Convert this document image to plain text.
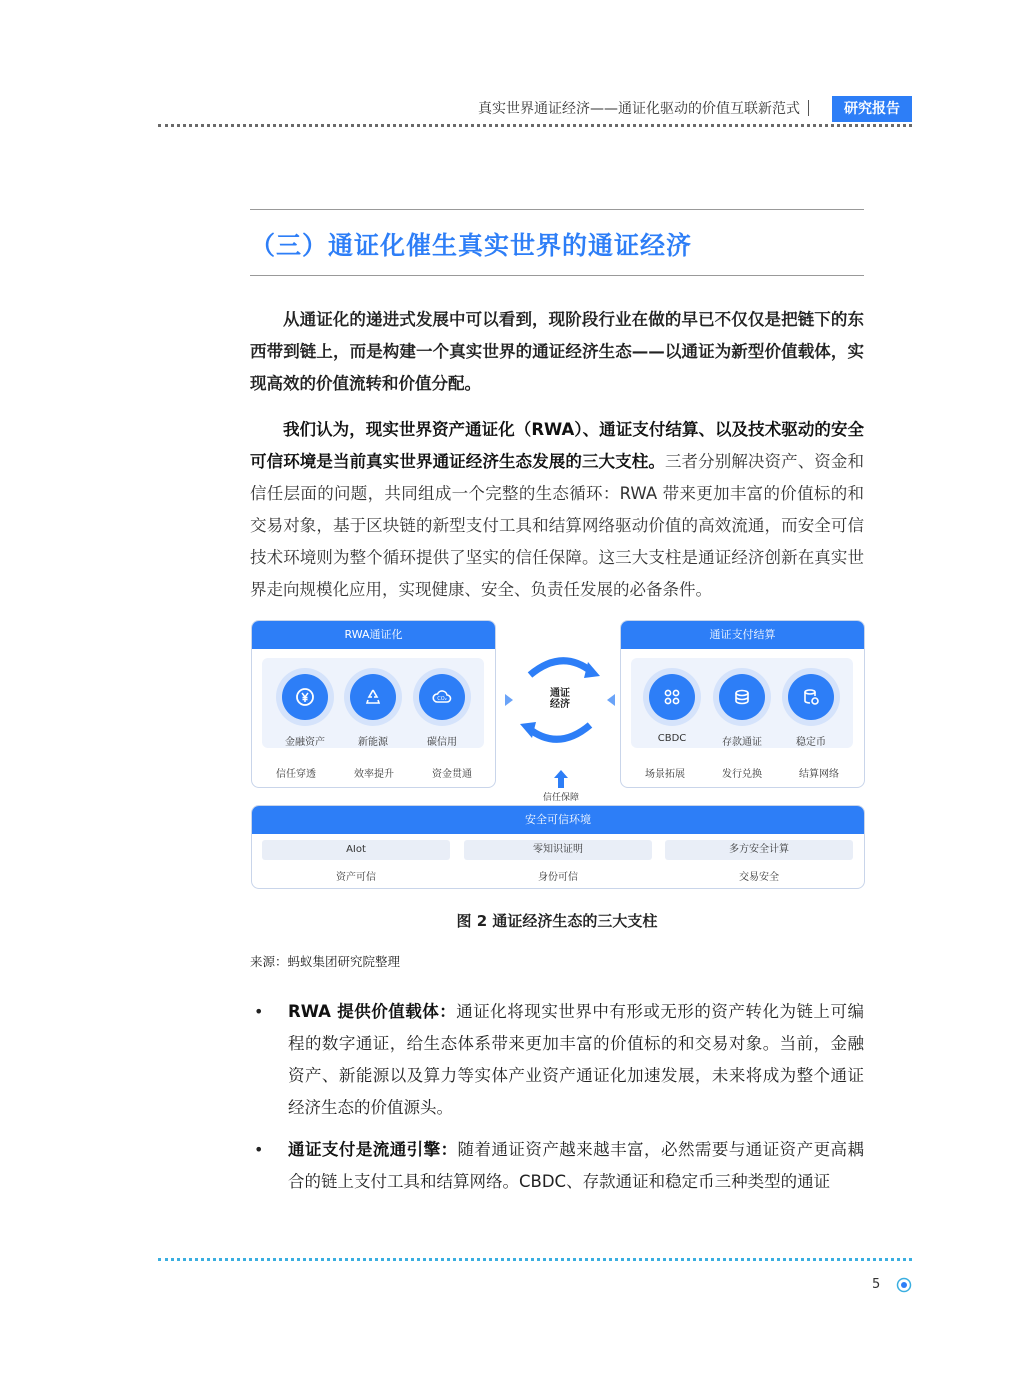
真实世界通证经济——通证化驱动的价值互联新范式	研究报告
（三）通证化催生真实世界的通证经济

从通证化的递进式发展中可以看到，现阶段行业在做的早已不仅仅是把链下的东西带到链上，而是构建一个真实世界的通证经济生态——以通证为新型价值载体，实现高效的价值流转和价值分配。

我们认为，现实世界资产通证化（RWA）、通证支付结算、以及技术驱动的安全可信环境是当前真实世界通证经济生态发展的三大支柱。三者分别解决资产、资金和信任层面的问题，共同组成一个完整的生态循环：RWA 带来更加丰富的价值标的和交易对象，基于区块链的新型支付工具和结算网络驱动价值的高效流通，而安全可信技术环境则为整个循环提供了坚实的信任保障。这三大支柱是通证经济创新在真实世界走向规模化应用，实现健康、安全、负责任发展的必备条件。

RWA通证化
CO₂
金融资产	新能源	碳信用
信任穿透	效率提升	资金贯通
通证
经济
信任保障
通证支付结算
CBDC	存款通证	稳定币
场景拓展	发行兑换	结算网络
安全可信环境
AIot	零知识证明	多方安全计算
资产可信	身份可信	交易安全
图 2 通证经济生态的三大支柱
来源：蚂蚁集团研究院整理
• RWA 提供价值载体：通证化将现实世界中有形或无形的资产转化为链上可编程的数字通证，给生态体系带来更加丰富的价值标的和交易对象。当前，金融资产、新能源以及算力等实体产业资产通证化加速发展，未来将成为整个通证经济生态的价值源头。
• 通证支付是流通引擎：随着通证资产越来越丰富，必然需要与通证资产更高耦合的链上支付工具和结算网络。CBDC、存款通证和稳定币三种类型的通证
5
